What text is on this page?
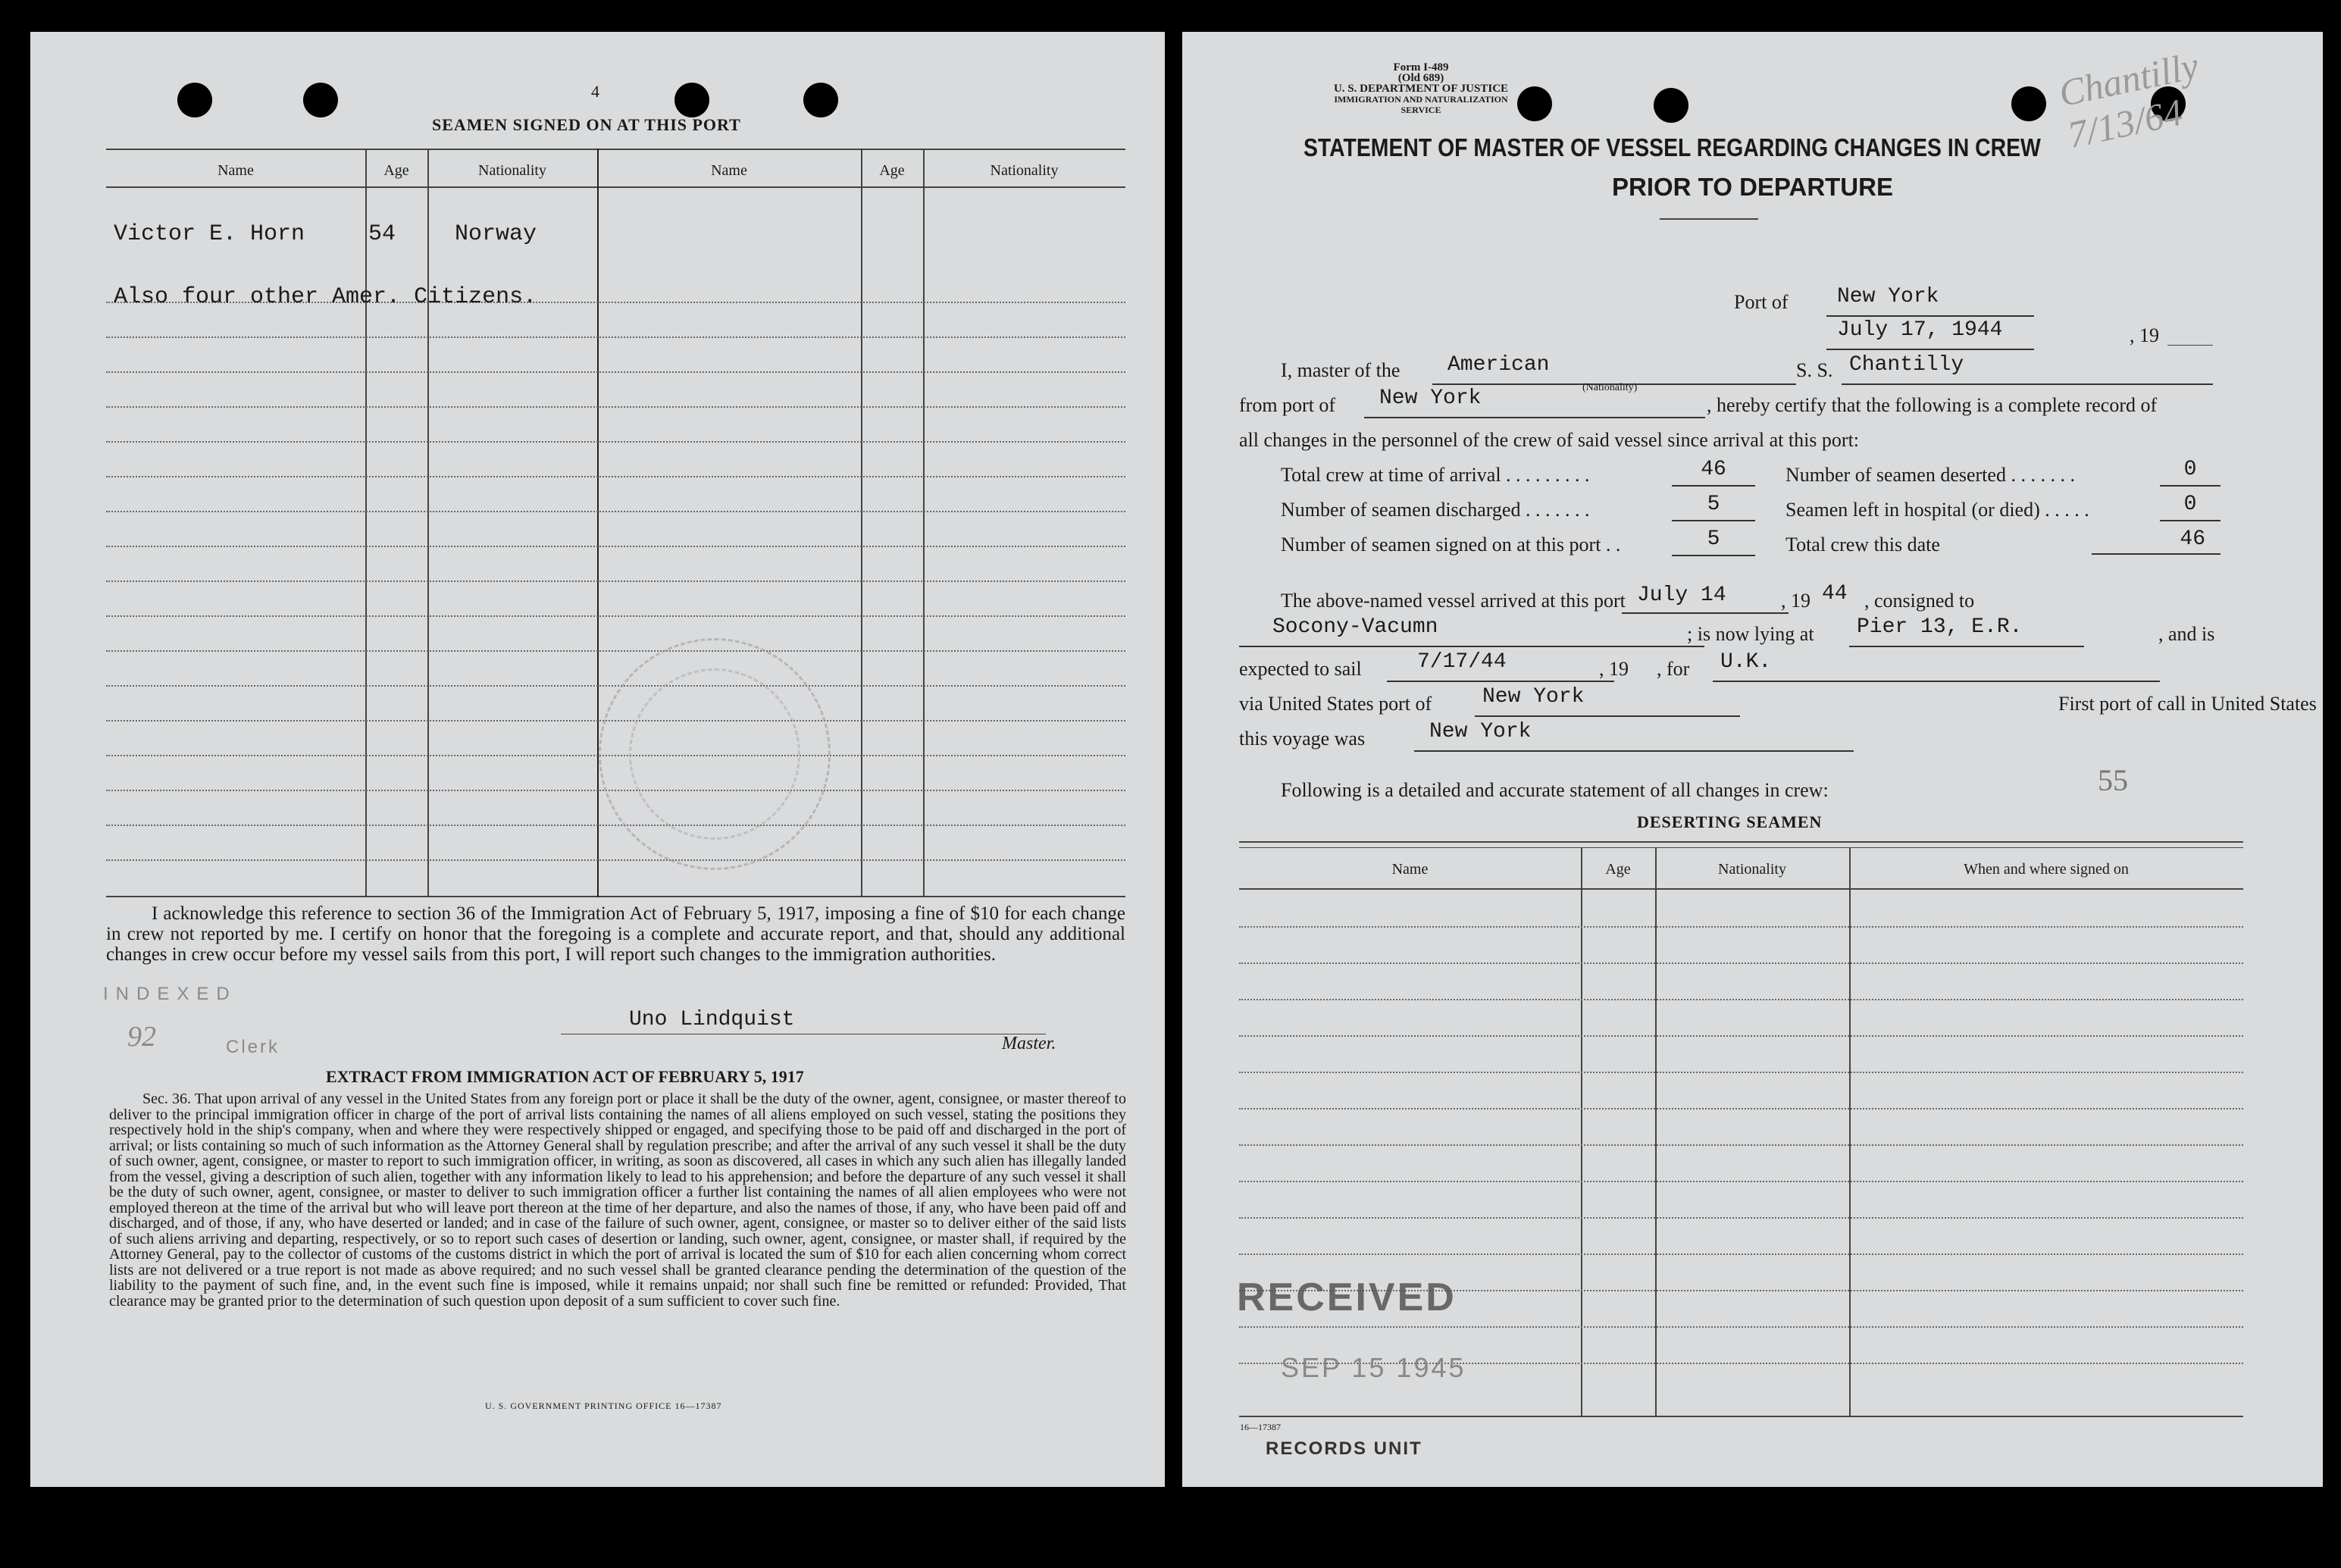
4
SEAMEN SIGNED ON AT THIS PORT
Name	Age	Nationality	Name	Age	Nationality
Victor E. Horn	54	Norway
Also four other Amer. Citizens.
I acknowledge this reference to section 36 of the Immigration Act of February 5, 1917, imposing a fine of $10 for each change in crew not reported by me. I certify on honor that the foregoing is a complete and accurate report, and that, should any additional changes in crew occur before my vessel sails from this port, I will report such changes to the immigration authorities.
INDEXED
92	Clerk
Uno Lindquist
Master.
EXTRACT FROM IMMIGRATION ACT OF FEBRUARY 5, 1917
Sec. 36. That upon arrival of any vessel in the United States from any foreign port or place it shall be the duty of the owner, agent, consignee, or master thereof to deliver to the principal immigration officer in charge of the port of arrival lists containing the names of all aliens employed on such vessel, stating the positions they respectively hold in the ship's company, when and where they were respectively shipped or engaged, and specifying those to be paid off and discharged in the port of arrival; or lists containing so much of such information as the Attorney General shall by regulation prescribe; and after the arrival of any such vessel it shall be the duty of such owner, agent, consignee, or master to report to such immigration officer, in writing, as soon as discovered, all cases in which any such alien has illegally landed from the vessel, giving a description of such alien, together with any information likely to lead to his apprehension; and before the departure of any such vessel it shall be the duty of such owner, agent, consignee, or master to deliver to such immigration officer a further list containing the names of all alien employees who were not employed thereon at the time of the arrival but who will leave port thereon at the time of her departure, and also the names of those, if any, who have been paid off and discharged, and of those, if any, who have deserted or landed; and in case of the failure of such owner, agent, consignee, or master so to deliver either of the said lists of such aliens arriving and departing, respectively, or so to report such cases of desertion or landing, such owner, agent, consignee, or master shall, if required by the Attorney General, pay to the collector of customs of the customs district in which the port of arrival is located the sum of $10 for each alien concerning whom correct lists are not delivered or a true report is not made as above required; and no such vessel shall be granted clearance pending the determination of the question of the liability to the payment of such fine, and, in the event such fine is imposed, while it remains unpaid; nor shall such fine be remitted or refunded: Provided, That clearance may be granted prior to the determination of such question upon deposit of a sum sufficient to cover such fine.
U. S. GOVERNMENT PRINTING OFFICE 16—17387
Form I-489
(Old 689)
U. S. DEPARTMENT OF JUSTICE
IMMIGRATION AND NATURALIZATION SERVICE	Chantilly 7/13/64
STATEMENT OF MASTER OF VESSEL REGARDING CHANGES IN CREW
PRIOR TO DEPARTURE
Port of	New York
July 17, 1944	, 19
I, master of the	American	S. S. Chantilly
from port of	New York	(Nationality)
, hereby certify that the following is a complete record of
all changes in the personnel of the crew of said vessel since arrival at this port:
Total crew at time of arrival . . . . . . . . .	46
Number of seamen discharged . . . . . . .	5
Number of seamen signed on at this port . .	5
Number of seamen deserted . . . . . . .	0
Seamen left in hospital (or died) . . . . .	0
Total crew this date	46
The above-named vessel arrived at this port July 14	, 19 44 , consigned to
Socony-Vacumn	; is now lying at	Pier 13, E.R.	, and is
expected to sail	7/17/44	, 19 , for	U.K.
via United States port of	New York	First port of call in United States
this voyage was	New York
Following is a detailed and accurate statement of all changes in crew:	55
DESERTING SEAMEN
Name	Age	Nationality	When and where signed on
RECEIVED
SEP 15 1945
16—17387
RECORDS UNIT
